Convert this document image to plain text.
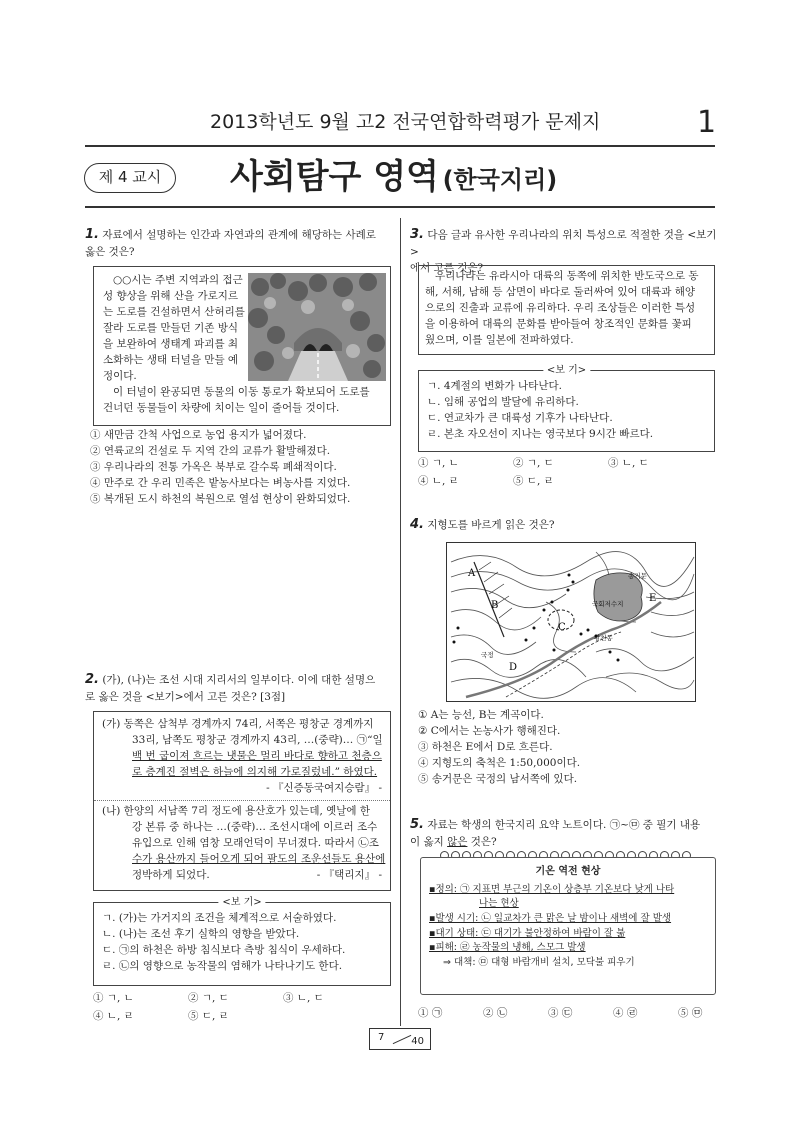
2013학년도 9월 고2 전국연합학력평가 문제지	1
제 4 교시	사회탐구 영역 (한국지리)
1. 자료에서 설명하는 인간과 자연과의 관계에 해당하는 사례로
옳은 것은?
○○시는 주변 지역과의 접근
성 향상을 위해 산을 가로지르
는 도로를 건설하면서 산허리를
잘라 도로를 만들던 기존 방식
을 보완하여 생태계 파괴를 최
소화하는 생태 터널을 만들 예
정이다.
이 터널이 완공되면 동물의 이동 통로가 확보되어 도로를
건너던 동물들이 차량에 치이는 일이 줄어들 것이다.
① 새만금 간척 사업으로 농업 용지가 넓어졌다.
② 연륙교의 건설로 두 지역 간의 교류가 활발해졌다.
③ 우리나라의 전통 가옥은 북부로 갈수록 폐쇄적이다.
④ 만주로 간 우리 민족은 밭농사보다는 벼농사를 지었다.
⑤ 복개된 도시 하천의 복원으로 열섬 현상이 완화되었다.
2. (가), (나)는 조선 시대 지리서의 일부이다. 이에 대한 설명으
로 옳은 것을 <보기>에서 고른 것은? [3점]
(가) 동쪽은 삼척부 경계까지 74리, 서쪽은 평창군 경계까지
33리, 남쪽도 평창군 경계까지 43리, …(중략)… ㉠“일
백 번 굽이져 흐르는 냇물은 멀리 바다로 향하고 천층으
로 층계진 절벽은 하늘에 의지해 가로질렀네.” 하였다.
- 『신증동국여지승람』 -
(나) 한양의 서남쪽 7리 정도에 용산호가 있는데, 옛날에 한
강 본류 중 하나는 …(중략)… 조선시대에 이르러 조수
유입으로 인해 염창 모래언덕이 무너졌다. 따라서 ㉡조
수가 용산까지 들어오게 되어 팔도의 조운선들도 용산에
정박하게 되었다.	- 『택리지』 -
<보 기>
ㄱ. (가)는 가거지의 조건을 체계적으로 서술하였다.
ㄴ. (나)는 조선 후기 실학의 영향을 받았다.
ㄷ. ㉠의 하천은 하방 침식보다 측방 침식이 우세하다.
ㄹ. ㉡의 영향으로 농작물의 염해가 나타나기도 한다.
① ㄱ, ㄴ	② ㄱ, ㄷ	③ ㄴ, ㄷ
④ ㄴ, ㄹ	⑤ ㄷ, ㄹ
3. 다음 글과 유사한 우리나라의 위치 특성으로 적절한 것을 <보기>
에서 고른 것은?
우리나라는 유라시아 대륙의 동쪽에 위치한 반도국으로 동
해, 서해, 남해 등 삼면이 바다로 둘러싸여 있어 대륙과 해양
으로의 진출과 교류에 유리하다. 우리 조상들은 이러한 특성
을 이용하여 대륙의 문화를 받아들여 창조적인 문화를 꽃피
웠으며, 이를 일본에 전파하였다.
<보 기>
ㄱ. 4계절의 변화가 나타난다.
ㄴ. 임해 공업의 발달에 유리하다.
ㄷ. 연교차가 큰 대륙성 기후가 나타난다.
ㄹ. 본초 자오선이 지나는 영국보다 9시간 빠르다.
① ㄱ, ㄴ	② ㄱ, ㄷ	③ ㄴ, ㄷ
④ ㄴ, ㄹ	⑤ ㄷ, ㄹ
4. 지형도를 바르게 읽은 것은?
A
B
C
D
E
국회저수지
송거문
황천동
국정
① A는 능선, B는 계곡이다.
② C에서는 논농사가 행해진다.
③ 하천은 E에서 D로 흐른다.
④ 지형도의 축척은 1:50,000이다.
⑤ 송거문은 국정의 남서쪽에 있다.
5. 자료는 학생의 한국지리 요약 노트이다. ㉠~㉤ 중 필기 내용
이 옳지 않은 것은?
기온 역전 현상
▪정의: ㉠ 지표면 부근의 기온이 상층부 기온보다 낮게 나타
나는 현상
▪발생 시기: ㉡ 일교차가 큰 맑은 날 밤이나 새벽에 잘 발생
▪대기 상태: ㉢ 대기가 불안정하여 바람이 잘 붊
▪피해: ㉣ 농작물의 냉해, 스모그 발생
⇒ 대책: ㉤ 대형 바람개비 설치, 모닥불 피우기
① ㉠	② ㉡	③ ㉢	④ ㉣	⑤ ㉤
7	40
